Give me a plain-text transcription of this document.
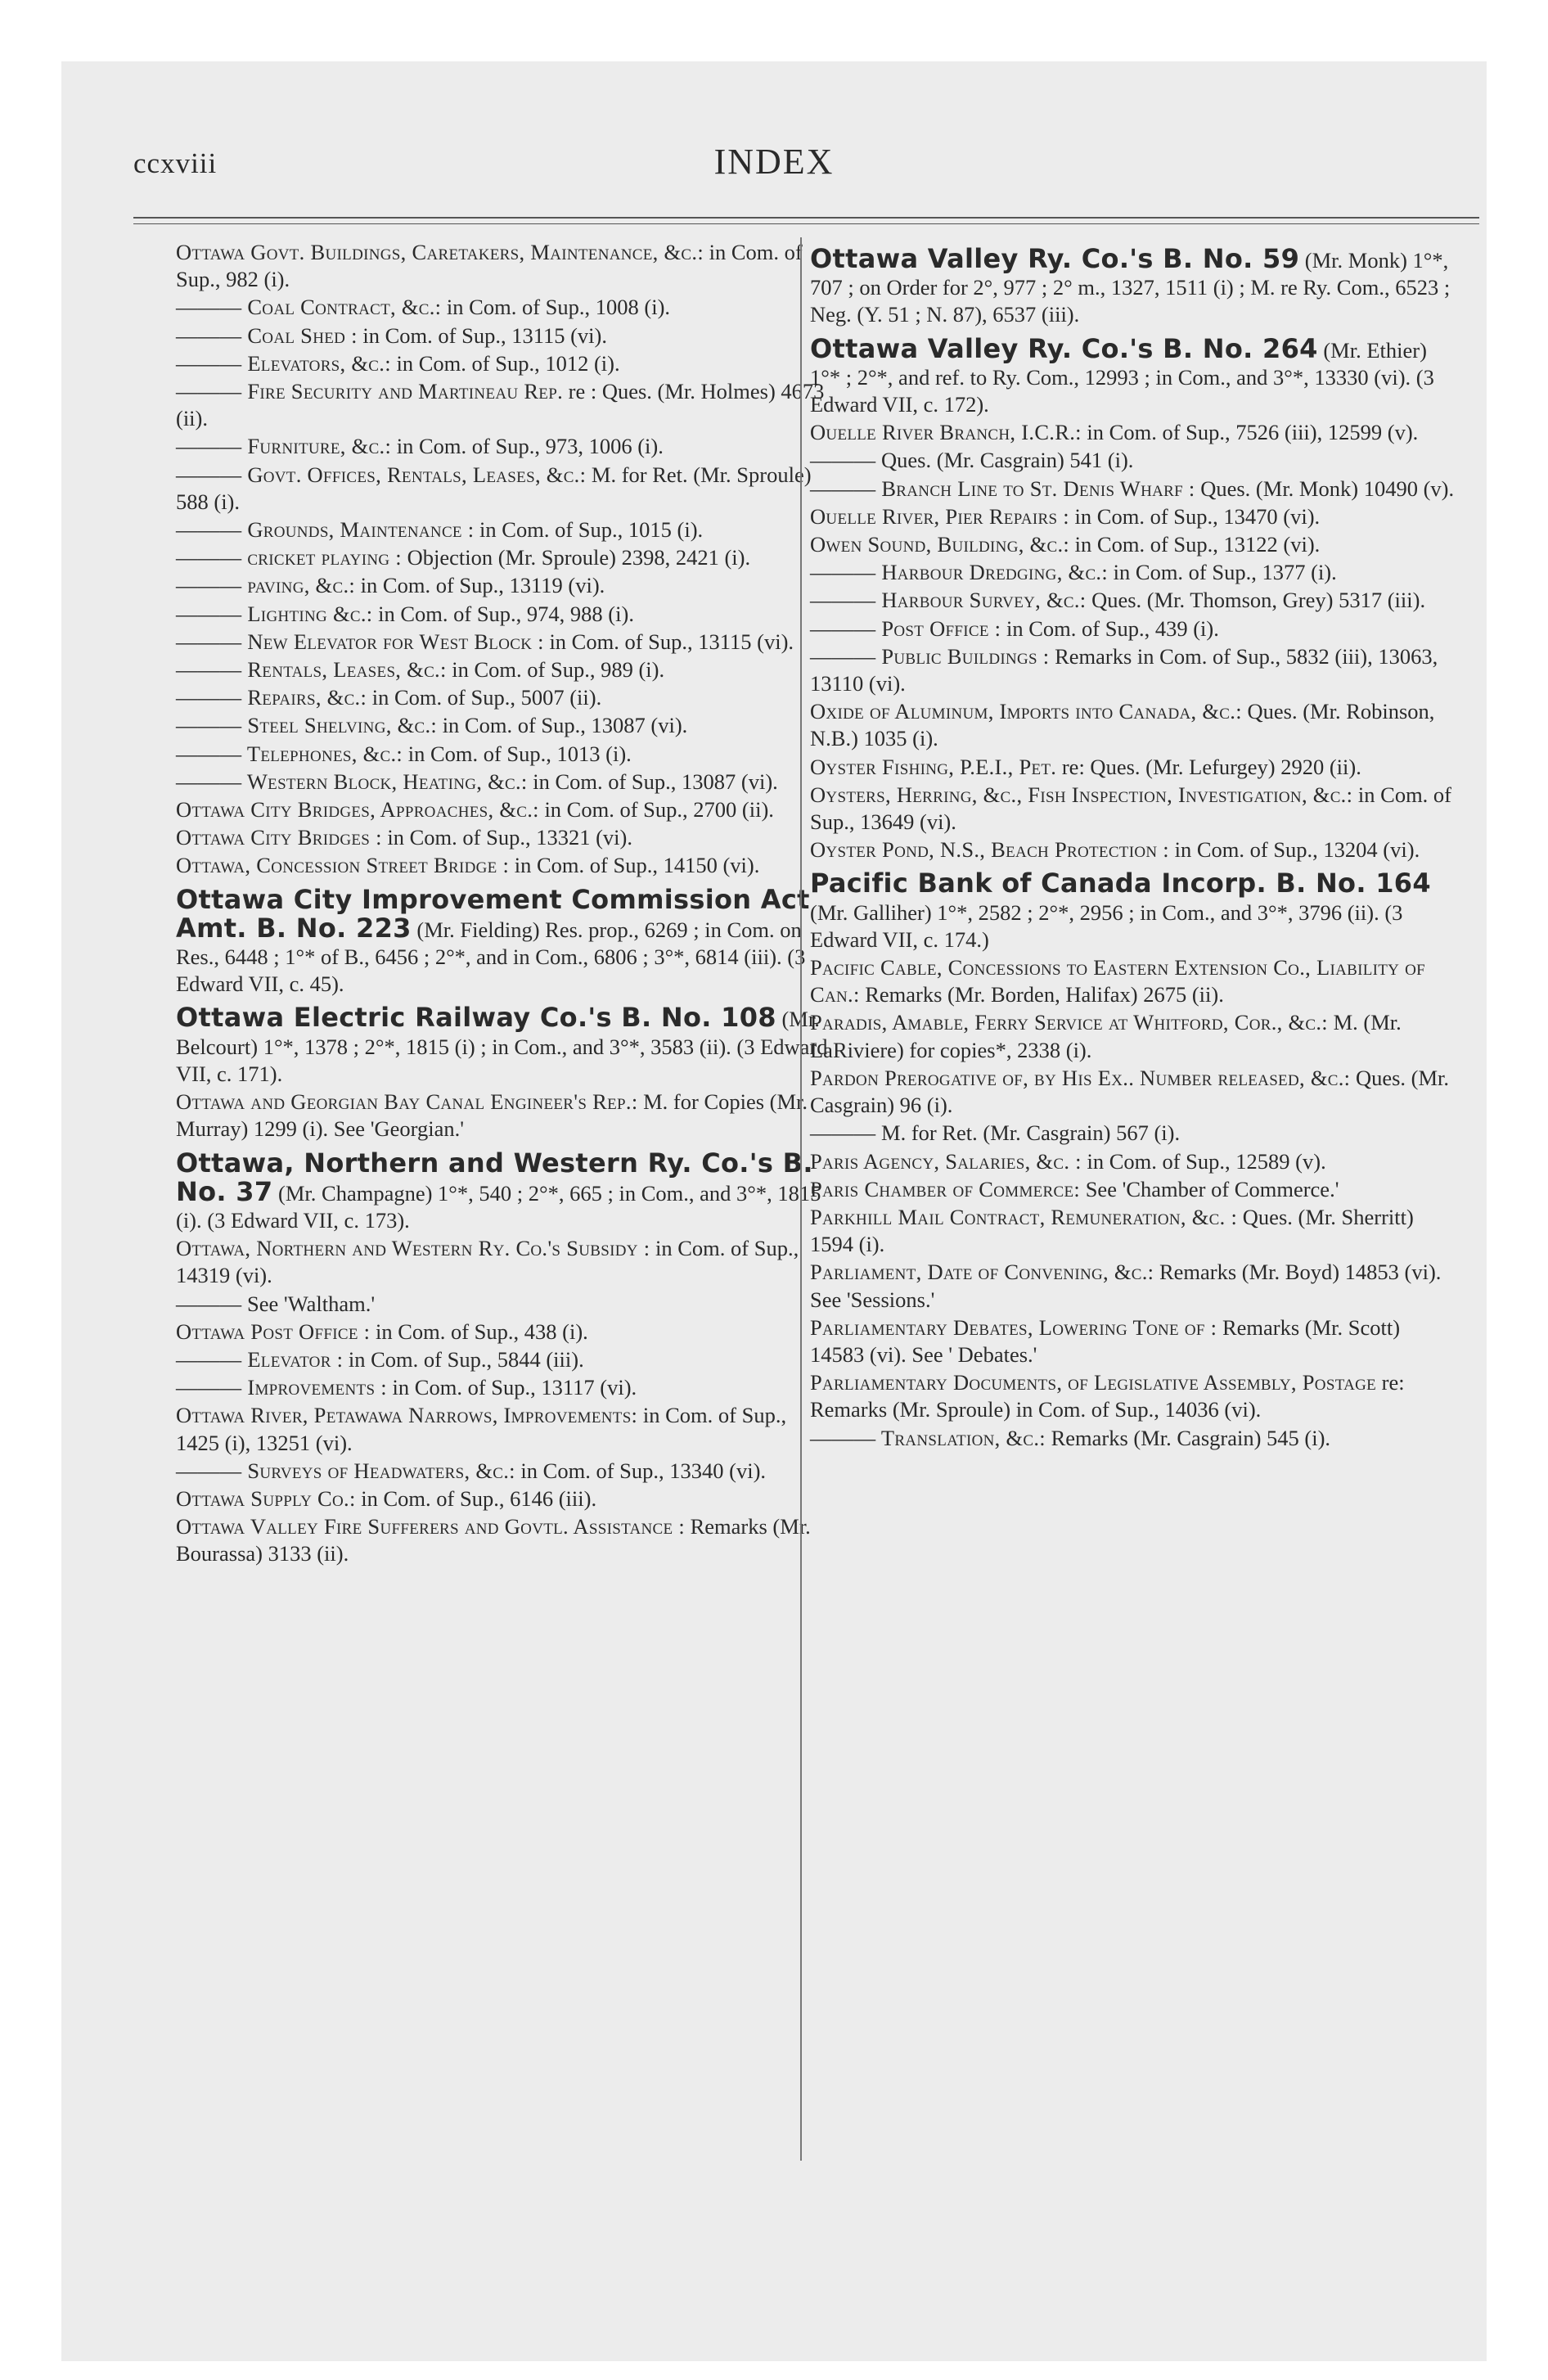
ccxviii	INDEX
Ottawa Govt. Buildings, Caretakers, Maintenance, &c.: in Com. of Sup., 982 (i).
——— Coal Contract, &c.: in Com. of Sup., 1008 (i).
——— Coal Shed : in Com. of Sup., 13115 (vi).
——— Elevators, &c.: in Com. of Sup., 1012 (i).
——— Fire Security and Martineau Rep. re : Ques. (Mr. Holmes) 4673 (ii).
——— Furniture, &c.: in Com. of Sup., 973, 1006 (i).
——— Govt. Offices, Rentals, Leases, &c.: M. for Ret. (Mr. Sproule) 588 (i).
——— Grounds, Maintenance : in Com. of Sup., 1015 (i).
——— cricket playing : Objection (Mr. Sproule) 2398, 2421 (i).
——— paving, &c.: in Com. of Sup., 13119 (vi).
——— Lighting &c.: in Com. of Sup., 974, 988 (i).
——— New Elevator for West Block : in Com. of Sup., 13115 (vi).
——— Rentals, Leases, &c.: in Com. of Sup., 989 (i).
——— Repairs, &c.: in Com. of Sup., 5007 (ii).
——— Steel Shelving, &c.: in Com. of Sup., 13087 (vi).
——— Telephones, &c.: in Com. of Sup., 1013 (i).
——— Western Block, Heating, &c.: in Com. of Sup., 13087 (vi).
Ottawa City Bridges, Approaches, &c.: in Com. of Sup., 2700 (ii).
Ottawa City Bridges : in Com. of Sup., 13321 (vi).
Ottawa, Concession Street Bridge : in Com. of Sup., 14150 (vi).
Ottawa City Improvement Commission Act Amt. B. No. 223 (Mr. Fielding) Res. prop., 6269 ; in Com. on Res., 6448 ; 1°* of B., 6456 ; 2°*, and in Com., 6806 ; 3°*, 6814 (iii). (3 Edward VII, c. 45).
Ottawa Electric Railway Co.'s B. No. 108 (Mr. Belcourt) 1°*, 1378 ; 2°*, 1815 (i) ; in Com., and 3°*, 3583 (ii). (3 Edward VII, c. 171).
Ottawa and Georgian Bay Canal Engineer's Rep.: M. for Copies (Mr. Murray) 1299 (i). See 'Georgian.'
Ottawa, Northern and Western Ry. Co.'s B. No. 37 (Mr. Champagne) 1°*, 540 ; 2°*, 665 ; in Com., and 3°*, 1815 (i). (3 Edward VII, c. 173).
Ottawa, Northern and Western Ry. Co.'s Subsidy : in Com. of Sup., 14319 (vi).
——— See 'Waltham.'
Ottawa Post Office : in Com. of Sup., 438 (i).
——— Elevator : in Com. of Sup., 5844 (iii).
——— Improvements : in Com. of Sup., 13117 (vi).
Ottawa River, Petawawa Narrows, Improvements: in Com. of Sup., 1425 (i), 13251 (vi).
——— Surveys of Headwaters, &c.: in Com. of Sup., 13340 (vi).
Ottawa Supply Co.: in Com. of Sup., 6146 (iii).
Ottawa Valley Fire Sufferers and Govtl. Assistance : Remarks (Mr. Bourassa) 3133 (ii).
Ottawa Valley Ry. Co.'s B. No. 59 (Mr. Monk) 1°*, 707 ; on Order for 2°, 977 ; 2° m., 1327, 1511 (i) ; M. re Ry. Com., 6523 ; Neg. (Y. 51 ; N. 87), 6537 (iii).
Ottawa Valley Ry. Co.'s B. No. 264 (Mr. Ethier) 1°* ; 2°*, and ref. to Ry. Com., 12993 ; in Com., and 3°*, 13330 (vi). (3 Edward VII, c. 172).
Ouelle River Branch, I.C.R.: in Com. of Sup., 7526 (iii), 12599 (v).
——— Ques. (Mr. Casgrain) 541 (i).
——— Branch Line to St. Denis Wharf : Ques. (Mr. Monk) 10490 (v).
Ouelle River, Pier Repairs : in Com. of Sup., 13470 (vi).
Owen Sound, Building, &c.: in Com. of Sup., 13122 (vi).
——— Harbour Dredging, &c.: in Com. of Sup., 1377 (i).
——— Harbour Survey, &c.: Ques. (Mr. Thomson, Grey) 5317 (iii).
——— Post Office : in Com. of Sup., 439 (i).
——— Public Buildings : Remarks in Com. of Sup., 5832 (iii), 13063, 13110 (vi).
Oxide of Aluminum, Imports into Canada, &c.: Ques. (Mr. Robinson, N.B.) 1035 (i).
Oyster Fishing, P.E.I., Pet. re: Ques. (Mr. Lefurgey) 2920 (ii).
Oysters, Herring, &c., Fish Inspection, Investigation, &c.: in Com. of Sup., 13649 (vi).
Oyster Pond, N.S., Beach Protection : in Com. of Sup., 13204 (vi).
Pacific Bank of Canada Incorp. B. No. 164 (Mr. Galliher) 1°*, 2582 ; 2°*, 2956 ; in Com., and 3°*, 3796 (ii). (3 Edward VII, c. 174.)
Pacific Cable, Concessions to Eastern Extension Co., Liability of Can.: Remarks (Mr. Borden, Halifax) 2675 (ii).
Paradis, Amable, Ferry Service at Whitford, Cor., &c.: M. (Mr. LaRiviere) for copies*, 2338 (i).
Pardon Prerogative of, by His Ex.. Number released, &c.: Ques. (Mr. Casgrain) 96 (i).
——— M. for Ret. (Mr. Casgrain) 567 (i).
Paris Agency, Salaries, &c. : in Com. of Sup., 12589 (v).
Paris Chamber of Commerce: See 'Chamber of Commerce.'
Parkhill Mail Contract, Remuneration, &c. : Ques. (Mr. Sherritt) 1594 (i).
Parliament, Date of Convening, &c.: Remarks (Mr. Boyd) 14853 (vi). See 'Sessions.'
Parliamentary Debates, Lowering Tone of : Remarks (Mr. Scott) 14583 (vi). See ' Debates.'
Parliamentary Documents, of Legislative Assembly, Postage re: Remarks (Mr. Sproule) in Com. of Sup., 14036 (vi).
——— Translation, &c.: Remarks (Mr. Casgrain) 545 (i).
